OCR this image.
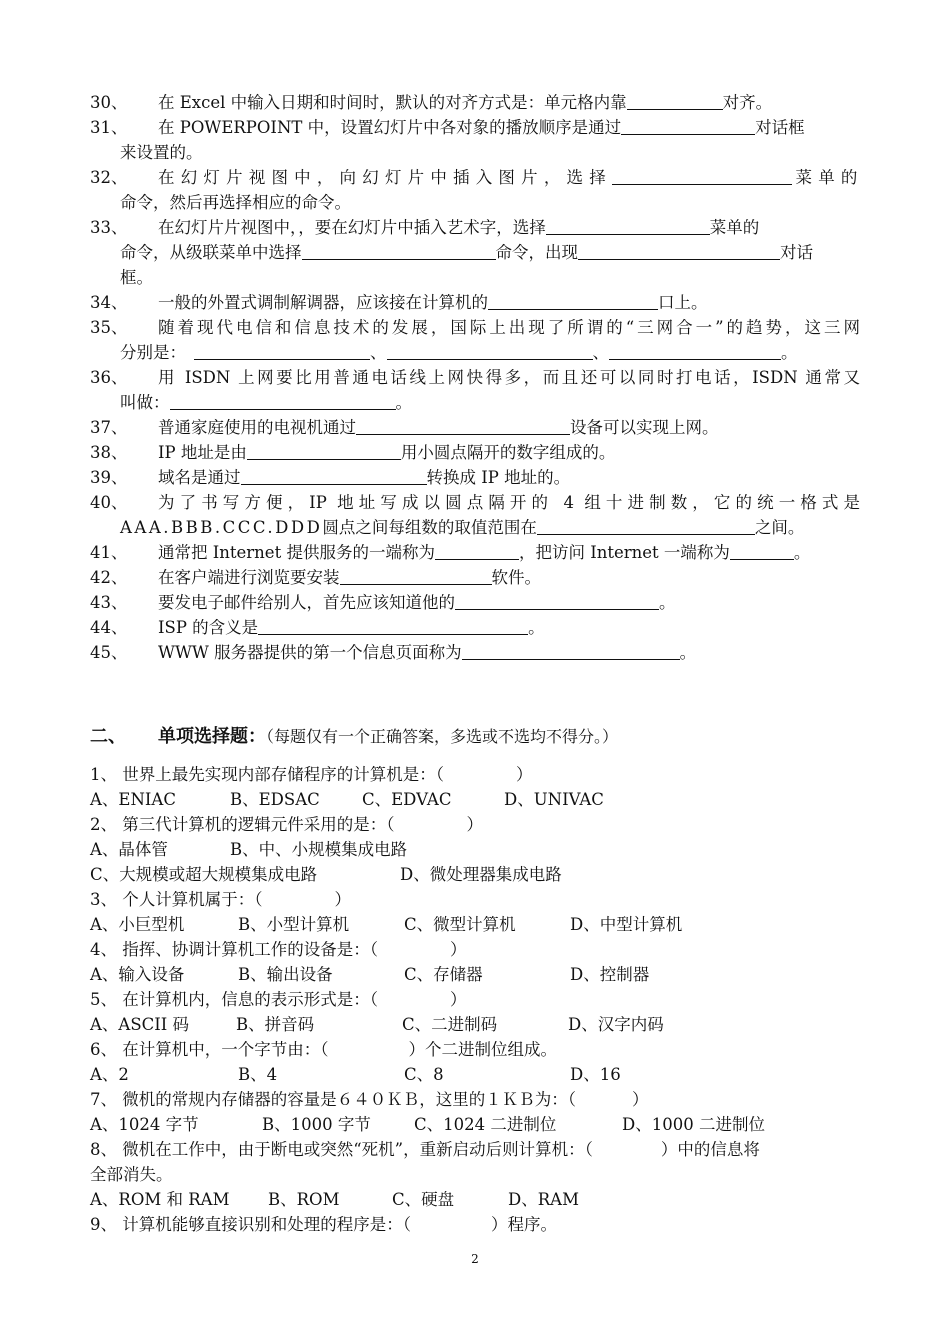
30、	在 Excel 中输入日期和时间时，默认的对齐方式是：单元格内靠	对齐。
31、	在 POWERPOINT 中，设置幻灯片中各对象的播放顺序是通过	对话框
来设置的。
32、	在幻灯片视图中，向幻灯片中插入图片，选择	菜单的
命令，然后再选择相应的命令。
33、	在幻灯片片视图中，，要在幻灯片中插入艺术字，选择	菜单的
命令，从级联菜单中选择	命令，出现	对话
框。
34、	一般的外置式调制解调器，应该接在计算机的	口上。
35、	随着现代电信和信息技术的发展，国际上出现了所谓的“三网合一”的趋势，这三网
分别是：	、	、	。
36、	用 ISDN 上网要比用普通电话线上网快得多，而且还可以同时打电话，ISDN 通常又
叫做：	。
37、	普通家庭使用的电视机通过	设备可以实现上网。
38、	IP 地址是由	用小圆点隔开的数字组成的。
39、	域名是通过	转换成 IP 地址的。
40、	为了书写方便，IP 地址写成以圆点隔开的 4 组十进制数，它的统一格式是
AAA.BBB.CCC.DDD圆点之间每组数的取值范围在	之间。
41、	通常把 Internet 提供服务的一端称为	，把访问 Internet 一端称为	。
42、	在客户端进行浏览要安装	软件。
43、	要发电子邮件给别人，首先应该知道他的	。
44、	ISP 的含义是	。
45、	WWW 服务器提供的第一个信息页面称为	。
二、 单项选择题：（每题仅有一个正确答案，多选或不选均不得分。）
1、 世界上最先实现内部存储程序的计算机是：（	）
A、ENIAC	B、EDSAC	C、EDVAC	D、UNIVAC
2、 第三代计算机的逻辑元件采用的是：（	）
A、晶体管	B、中、小规模集成电路
C、大规模或超大规模集成电路	D、微处理器集成电路
3、 个人计算机属于：（	）
A、小巨型机	B、小型计算机	C、微型计算机	D、中型计算机
4、 指挥、协调计算机工作的设备是：（	）
A、输入设备	B、输出设备	C、存储器	D、控制器
5、 在计算机内，信息的表示形式是：（	）
A、ASCII 码	B、拼音码	C、二进制码	D、汉字内码
6、 在计算机中，一个字节由：（	）个二进制位组成。
A、2	B、4	C、8	D、16
7、 微机的常规内存储器的容量是６４０ＫＢ，这里的１ＫＢ为：（	）
A、1024 字节	B、1000 字节	C、1024 二进制位	D、1000 二进制位
8、 微机在工作中，由于断电或突然“死机”，重新启动后则计算机：（	）中的信息将
全部消失。
A、ROM 和 RAM B、ROM	C、硬盘	D、RAM
9、 计算机能够直接识别和处理的程序是：（	）程序。
2
